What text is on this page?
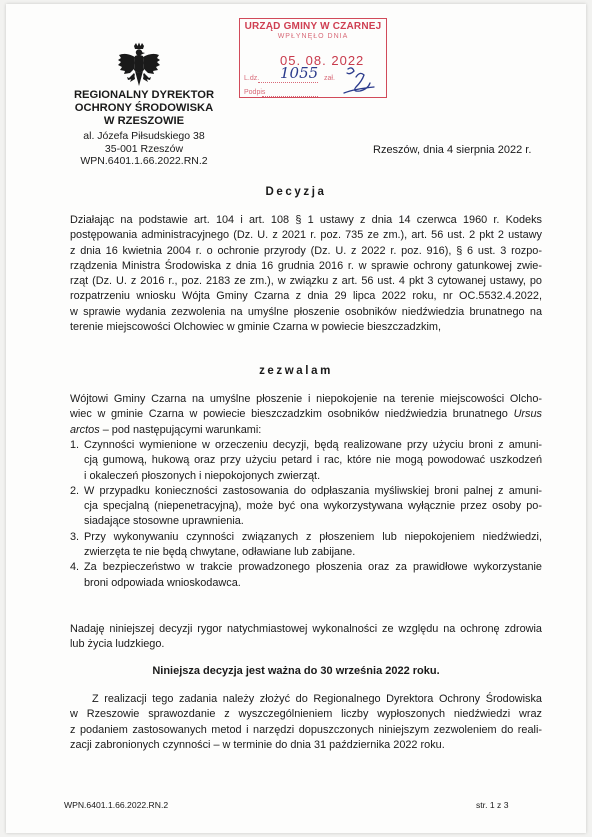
REGIONALNY DYREKTOR
OCHRONY ŚRODOWISKA
W RZESZOWIE
al. Józefa Piłsudskiego 38
35-001 Rzeszów
WPN.6401.1.66.2022.RN.2
URZĄD GMINY W CZARNEJ
WPŁYNĘŁO DNIA
05. 08. 2022
L.dz. 1055 zał.
Podpis
Rzeszów, dnia 4 sierpnia 2022 r.
Decyzja
Działając na podstawie art. 104 i art. 108 § 1 ustawy z dnia 14 czerwca 1960 r. Kodeks
postępowania administracyjnego (Dz. U. z 2021 r. poz. 735 ze zm.), art. 56 ust. 2 pkt 2 ustawy
z dnia 16 kwietnia 2004 r. o ochronie przyrody (Dz. U. z 2022 r. poz. 916), § 6 ust. 3 rozpo-
rządzenia Ministra Środowiska z dnia 16 grudnia 2016 r. w sprawie ochrony gatunkowej zwie-
rząt (Dz. U. z 2016 r., poz. 2183 ze zm.), w związku z art. 56 ust. 4 pkt 3 cytowanej ustawy, po
rozpatrzeniu wniosku Wójta Gminy Czarna z dnia 29 lipca 2022 roku, nr OC.5532.4.2022,
w sprawie wydania zezwolenia na umyślne płoszenie osobników niedźwiedzia brunatnego na
terenie miejscowości Olchowiec w gminie Czarna w powiecie bieszczadzkim,
zezwalam
Wójtowi Gminy Czarna na umyślne płoszenie i niepokojenie na terenie miejscowości Olcho-
wiec w gminie Czarna w powiecie bieszczadzkim osobników niedźwiedzia brunatnego Ursus
arctos – pod następującymi warunkami:
1. Czynności wymienione w orzeczeniu decyzji, będą realizowane przy użyciu broni z amuni-
cją gumową, hukową oraz przy użyciu petard i rac, które nie mogą powodować uszkodzeń
i okaleczeń płoszonych i niepokojonych zwierząt.
2. W przypadku konieczności zastosowania do odpłaszania myśliwskiej broni palnej z amuni-
cja specjalną (niepenetracyjną), może być ona wykorzystywana wyłącznie przez osoby po-
siadające stosowne uprawnienia.
3. Przy wykonywaniu czynności związanych z płoszeniem lub niepokojeniem niedźwiedzi,
zwierzęta te nie będą chwytane, odławiane lub zabijane.
4. Za bezpieczeństwo w trakcie prowadzonego płoszenia oraz za prawidłowe wykorzystanie
broni odpowiada wnioskodawca.
Nadaję niniejszej decyzji rygor natychmiastowej wykonalności ze względu na ochronę zdrowia
lub życia ludzkiego.
Niniejsza decyzja jest ważna do 30 września 2022 roku.
Z realizacji tego zadania należy złożyć do Regionalnego Dyrektora Ochrony Środowiska
w Rzeszowie sprawozdanie z wyszczególnieniem liczby wypłoszonych niedźwiedzi wraz
z podaniem zastosowanych metod i narzędzi dopuszczonych niniejszym zezwoleniem do reali-
zacji zabronionych czynności – w terminie do dnia 31 października 2022 roku.
WPN.6401.1.66.2022.RN.2	str. 1 z 3
